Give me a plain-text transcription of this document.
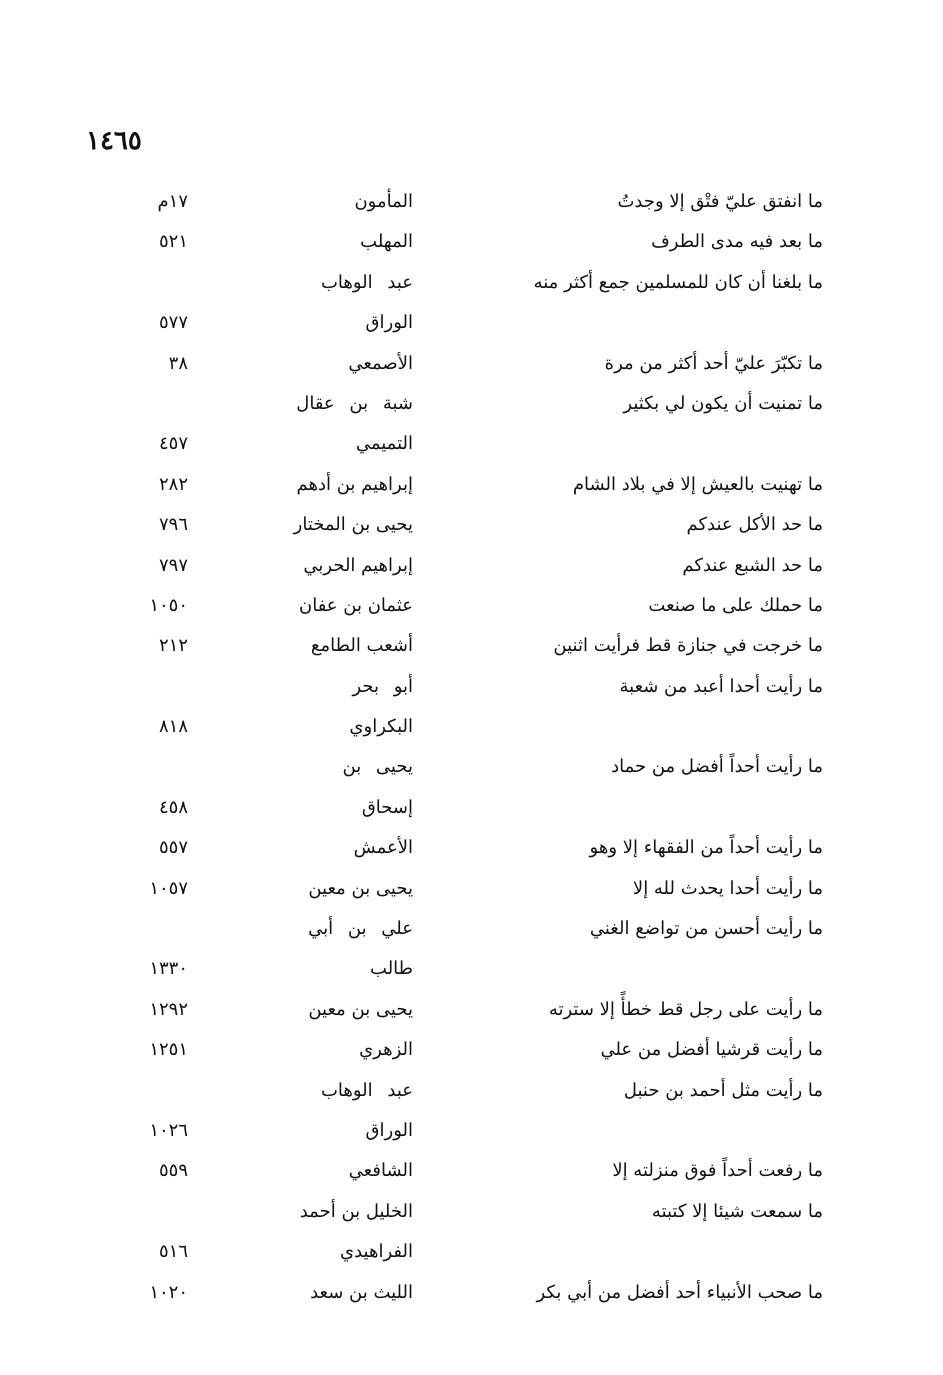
١٤٦٥
ما انفتق عليّ فتْق إلا وجدتُ
المأمون
١٧م
ما بعد فيه مدى الطرف
المهلب
٥٢١
ما بلغنا أن كان للمسلمين جمع أكثر منه
عبد الوهاب
الوراق
٥٧٧
ما تكبّرَ عليّ أحد أكثر من مرة
الأصمعي
٣٨
ما تمنيت أن يكون لي بكثير
شبة بن عقال
التميمي
٤٥٧
ما تهنيت بالعيش إلا في بلاد الشام
إبراهيم بن أدهم
٢٨٢
ما حد الأكل عندكم
يحيى بن المختار
٧٩٦
ما حد الشبع عندكم
إبراهيم الحربي
٧٩٧
ما حملك على ما صنعت
عثمان بن عفان
١٠٥٠
ما خرجت في جنازة قط فرأيت اثنين
أشعب الطامع
٢١٢
ما رأيت أحدا أعبد من شعبة
أبو بحر
البكراوي
٨١٨
ما رأيت أحداً أفضل من حماد
يحيى بن
إسحاق
٤٥٨
ما رأيت أحداً من الفقهاء إلا وهو
الأعمش
٥٥٧
ما رأيت أحدا يحدث لله إلا
يحيى بن معين
١٠٥٧
ما رأيت أحسن من تواضع الغني
علي بن أبي
طالب
١٣٣٠
ما رأيت على رجل قط خطأً إلا سترته
يحيى بن معين
١٢٩٢
ما رأيت قرشيا أفضل من علي
الزهري
١٢٥١
ما رأيت مثل أحمد بن حنبل
عبد الوهاب
الوراق
١٠٢٦
ما رفعت أحداً فوق منزلته إلا
الشافعي
٥٥٩
ما سمعت شيئا إلا كتبته
الخليل بن أحمد
الفراهيدي
٥١٦
ما صحب الأنبياء أحد أفضل من أبي بكر
الليث بن سعد
١٠٢٠
